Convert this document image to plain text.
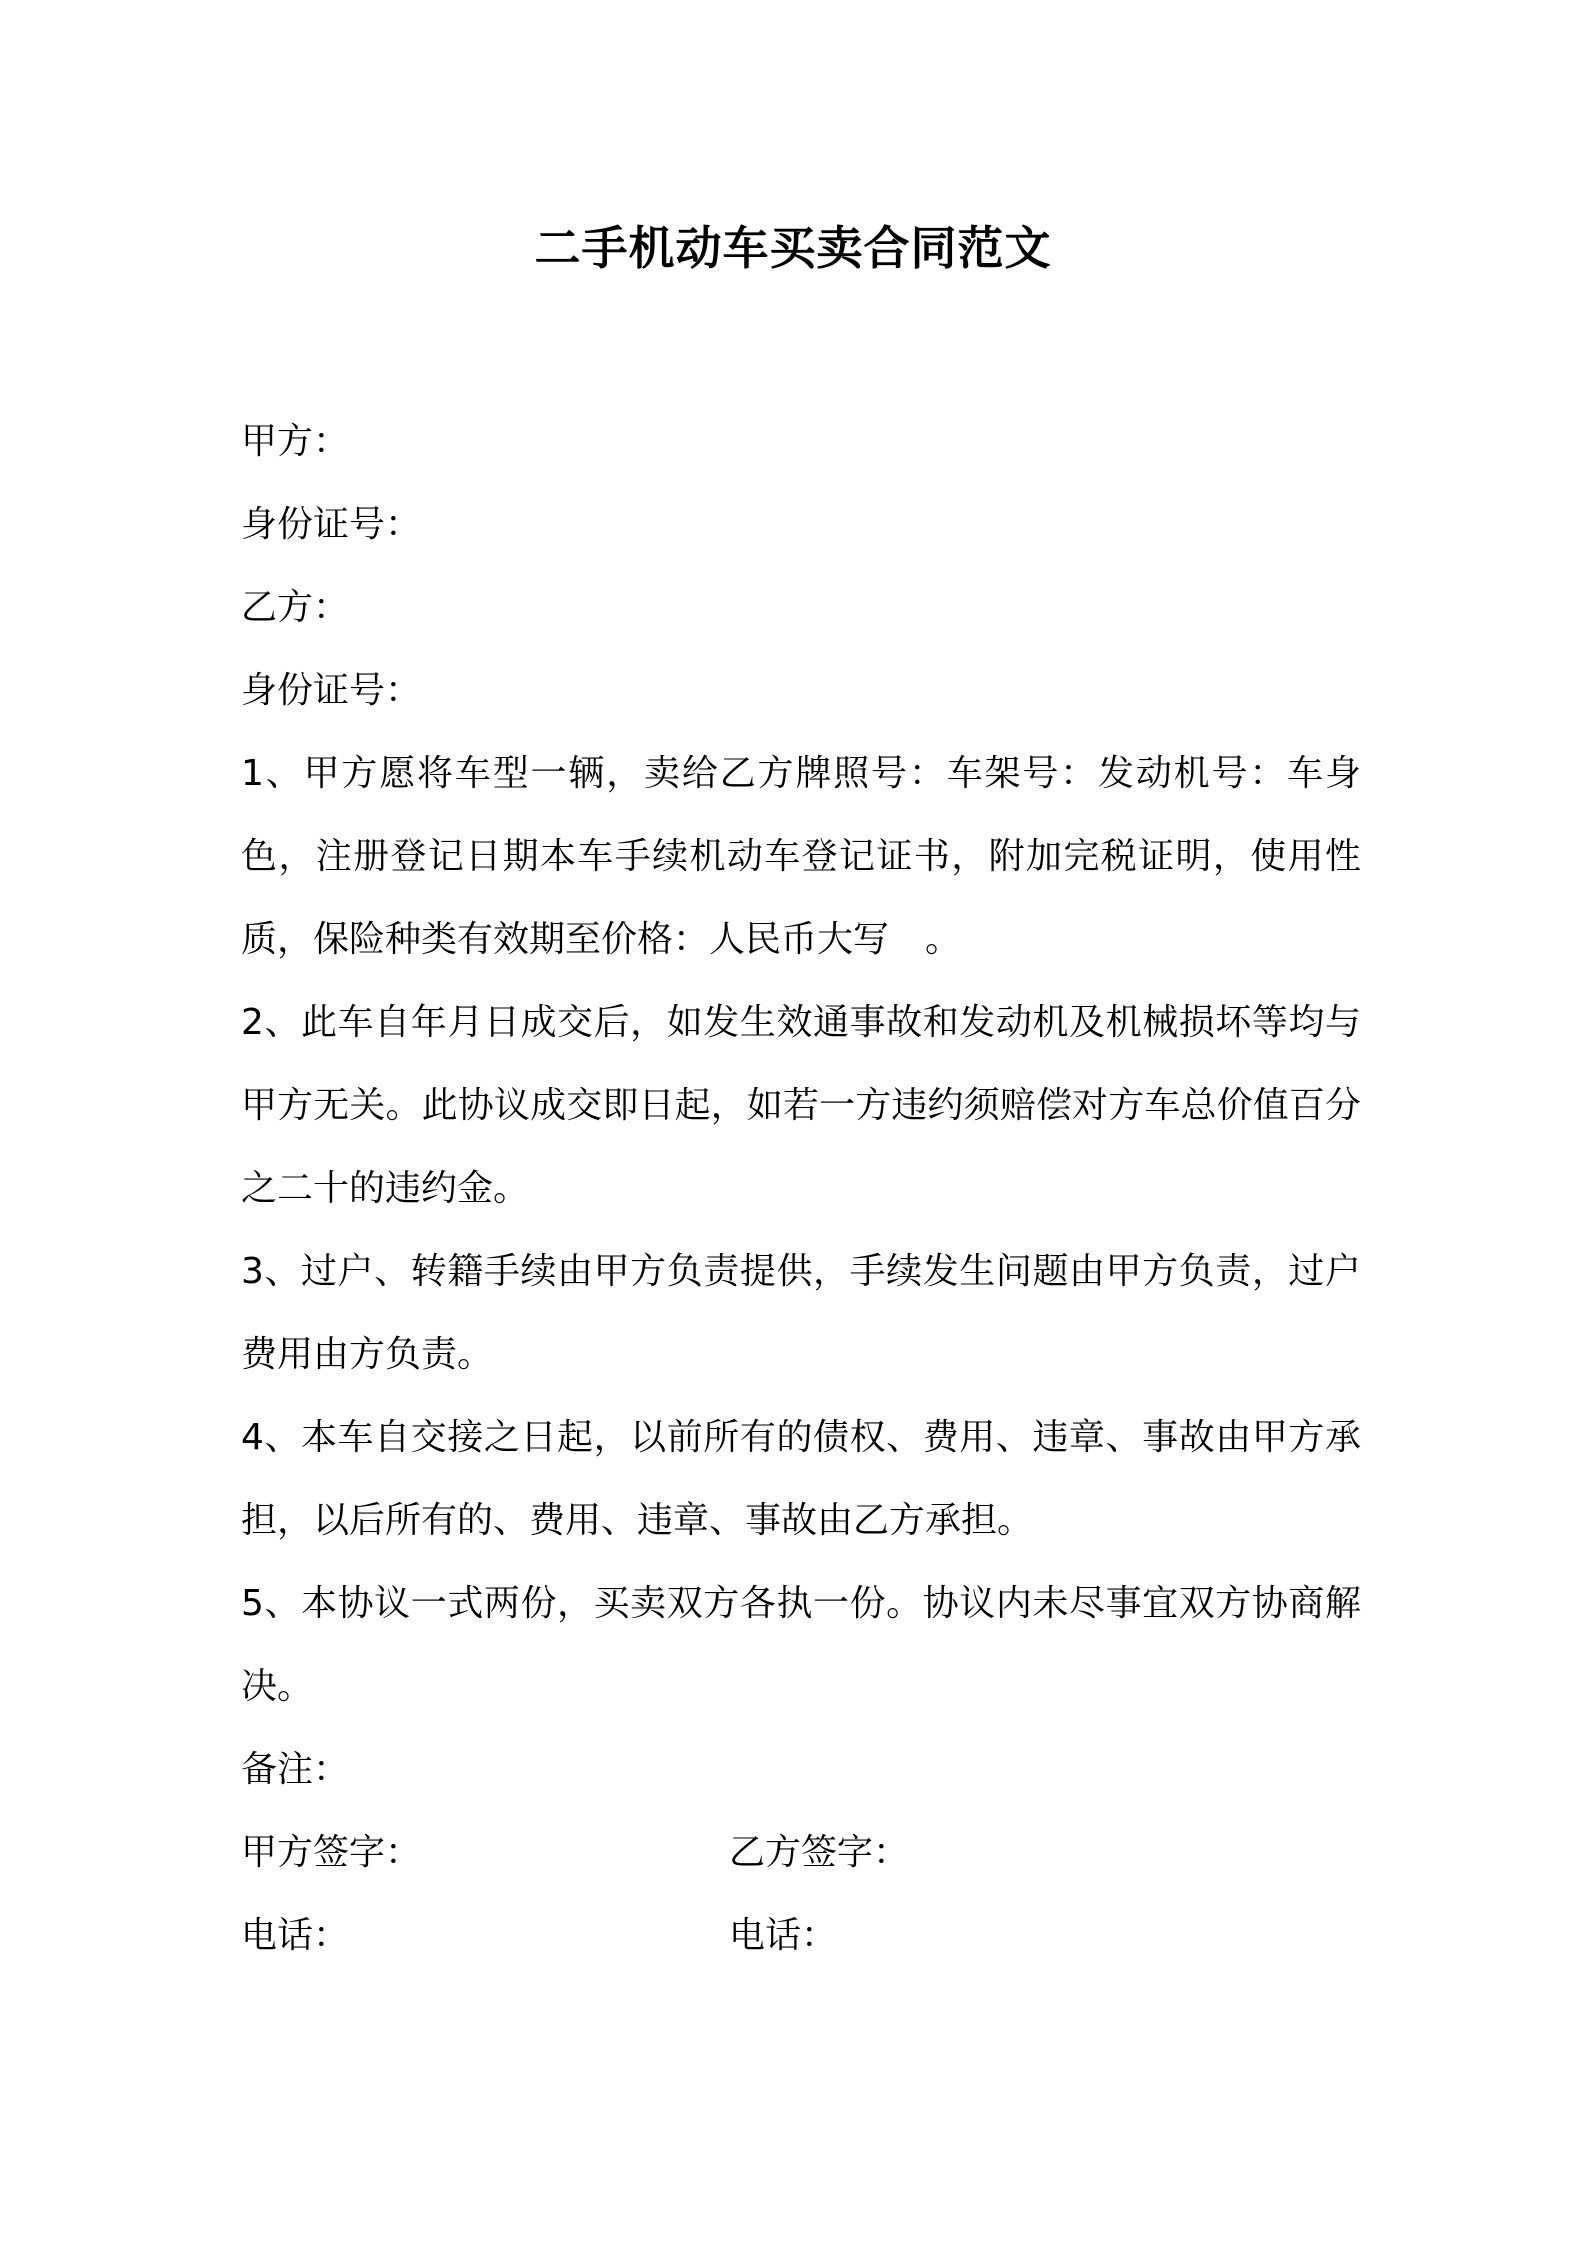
二手机动车买卖合同范文

甲方：

身份证号：

乙方：

身份证号：

1、甲方愿将车型一辆，卖给乙方牌照号：车架号：发动机号：车身色，注册登记日期本车手续机动车登记证书，附加完税证明，使用性质，保险种类有效期至价格：人民币大写　。

2、此车自年月日成交后，如发生效通事故和发动机及机械损坏等均与甲方无关。此协议成交即日起，如若一方违约须赔偿对方车总价值百分之二十的违约金。

3、过户、转籍手续由甲方负责提供，手续发生问题由甲方负责，过户费用由方负责。

4、本车自交接之日起，以前所有的债权、费用、违章、事故由甲方承担，以后所有的、费用、违章、事故由乙方承担。

5、本协议一式两份，买卖双方各执一份。协议内未尽事宜双方协商解决。

备注：

甲方签字：	乙方签字：
电话：	电话：
